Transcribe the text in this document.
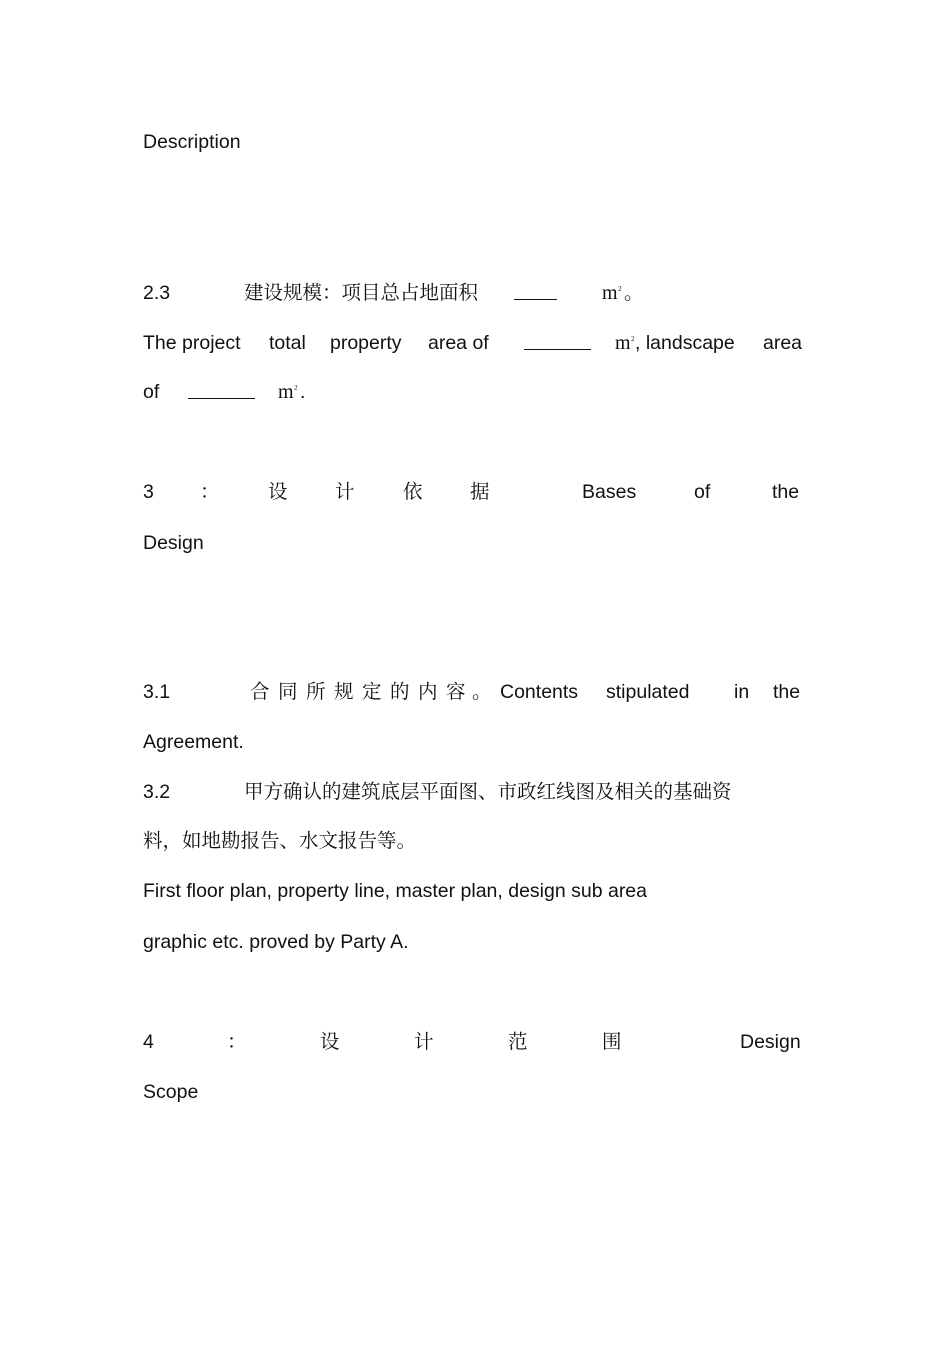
Description
2.3	建设规模：项目总占地面积	m 2 。
The project total property area of	m 2 , landscape area
of	m 2 .
3 ： 设 计 依 据	Bases	of	the
Design
3.1	合 同 所 规 定 的 内 容 。 Contents stipulated in the
Agreement.
3.2	甲方确认的建筑底层平面图、市政红线图及相关的基础资
料，如地勘报告、水文报告等。
First floor plan, property line, master plan, design sub area
graphic etc. proved by Party A.
4	：	设	计	范	围	Design
Scope
